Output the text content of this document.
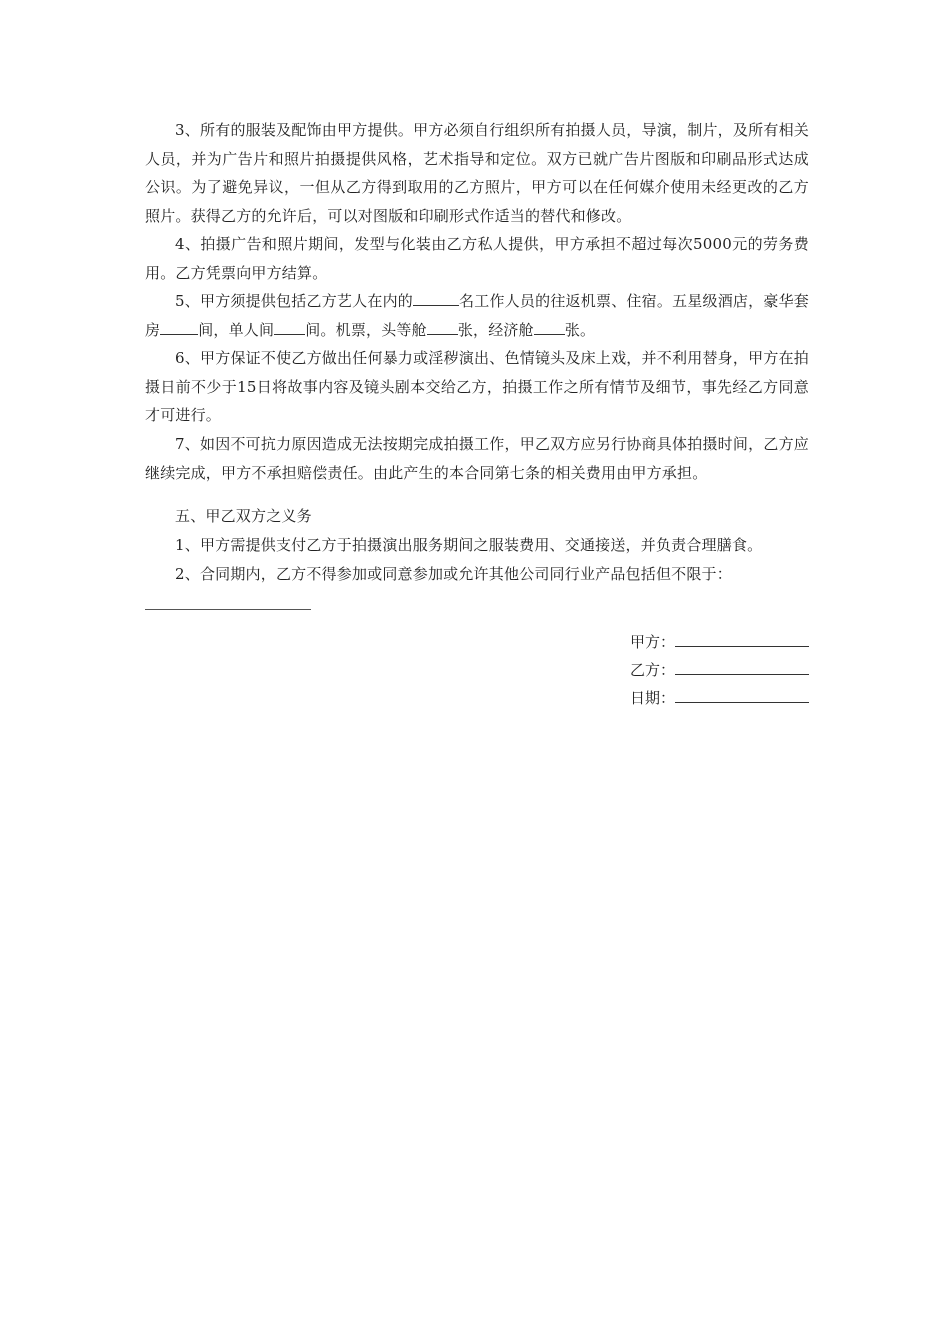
3、所有的服装及配饰由甲方提供。甲方必须自行组织所有拍摄人员，导演，制片，及所有相关人员，并为广告片和照片拍摄提供风格，艺术指导和定位。双方已就广告片图版和印刷品形式达成公识。为了避免异议，一但从乙方得到取用的乙方照片，甲方可以在任何媒介使用未经更改的乙方照片。获得乙方的允许后，可以对图版和印刷形式作适当的替代和修改。

4、拍摄广告和照片期间，发型与化装由乙方私人提供，甲方承担不超过每次5000元的劳务费用。乙方凭票向甲方结算。

5、甲方须提供包括乙方艺人在内的	名工作人员的往返机票、住宿。五星级酒店，豪华套房	间，单人间 间。机票，头等舱 张，经济舱 张。

6、甲方保证不使乙方做出任何暴力或淫秽演出、色情镜头及床上戏，并不利用替身，甲方在拍摄日前不少于15日将故事内容及镜头剧本交给乙方，拍摄工作之所有情节及细节，事先经乙方同意才可进行。

7、如因不可抗力原因造成无法按期完成拍摄工作，甲乙双方应另行协商具体拍摄时间，乙方应继续完成，甲方不承担赔偿责任。由此产生的本合同第七条的相关费用由甲方承担。

五、甲乙双方之义务

1、甲方需提供支付乙方于拍摄演出服务期间之服装费用、交通接送，并负责合理膳食。

2、合同期内，乙方不得参加或同意参加或允许其他公司同行业产品包括但不限于：

甲方：
乙方：
日期：
